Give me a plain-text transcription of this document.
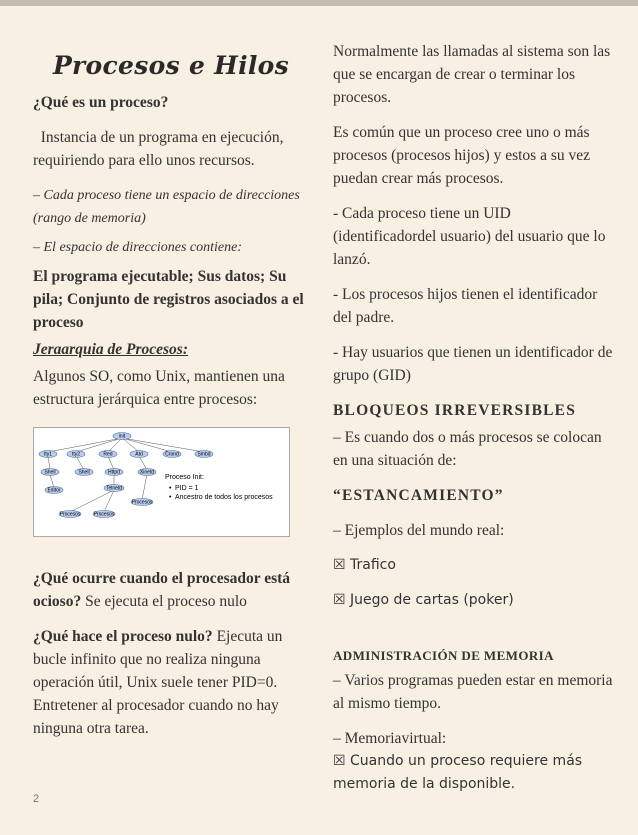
Procesos e Hilos

¿Qué es un proceso?

Instancia de un programa en ejecución, requiriendo para ello unos recursos.

– Cada proceso tiene un espacio de direcciones (rango de memoria)

– El espacio de direcciones contiene:

El programa ejecutable; Sus datos; Su pila; Conjunto de registros asociados a el proceso

Jeraarquia de Procesos:

Algunos SO, como Unix, mantienen una estructura jerárquica entre procesos:

init
tty1	tty2	Red	Atd	Crond	Smbd
Shell	Shell	Httpd	Xinetd
Editor	Telnetd
Procesos	Procesos
Procesos
Proceso Init:
• PID = 1
• Ancestro de todos los procesos

¿Qué ocurre cuando el procesador está ocioso? Se ejecuta el proceso nulo

¿Qué hace el proceso nulo? Ejecuta un bucle infinito que no realiza ninguna operación útil, Unix suele tener PID=0. Entretener al procesador cuando no hay ninguna otra tarea.

Normalmente las llamadas al sistema son las que se encargan de crear o terminar los procesos.

Es común que un proceso cree uno o más procesos (procesos hijos) y estos a su vez puedan crear más procesos.

- Cada proceso tiene un UID (identificadordel usuario) del usuario que lo lanzó.

- Los procesos hijos tienen el identificador del padre.

- Hay usuarios que tienen un identificador de grupo (GID)

BLOQUEOS IRREVERSIBLES

– Es cuando dos o más procesos se colocan en una situación de:

“ESTANCAMIENTO”

– Ejemplos del mundo real:

☒ Trafico

☒ Juego de cartas (poker)

ADMINISTRACIÓN DE MEMORIA

– Varios programas pueden estar en memoria al mismo tiempo.

– Memoriavirtual:

☒ Cuando un proceso requiere más memoria de la disponible.

2
